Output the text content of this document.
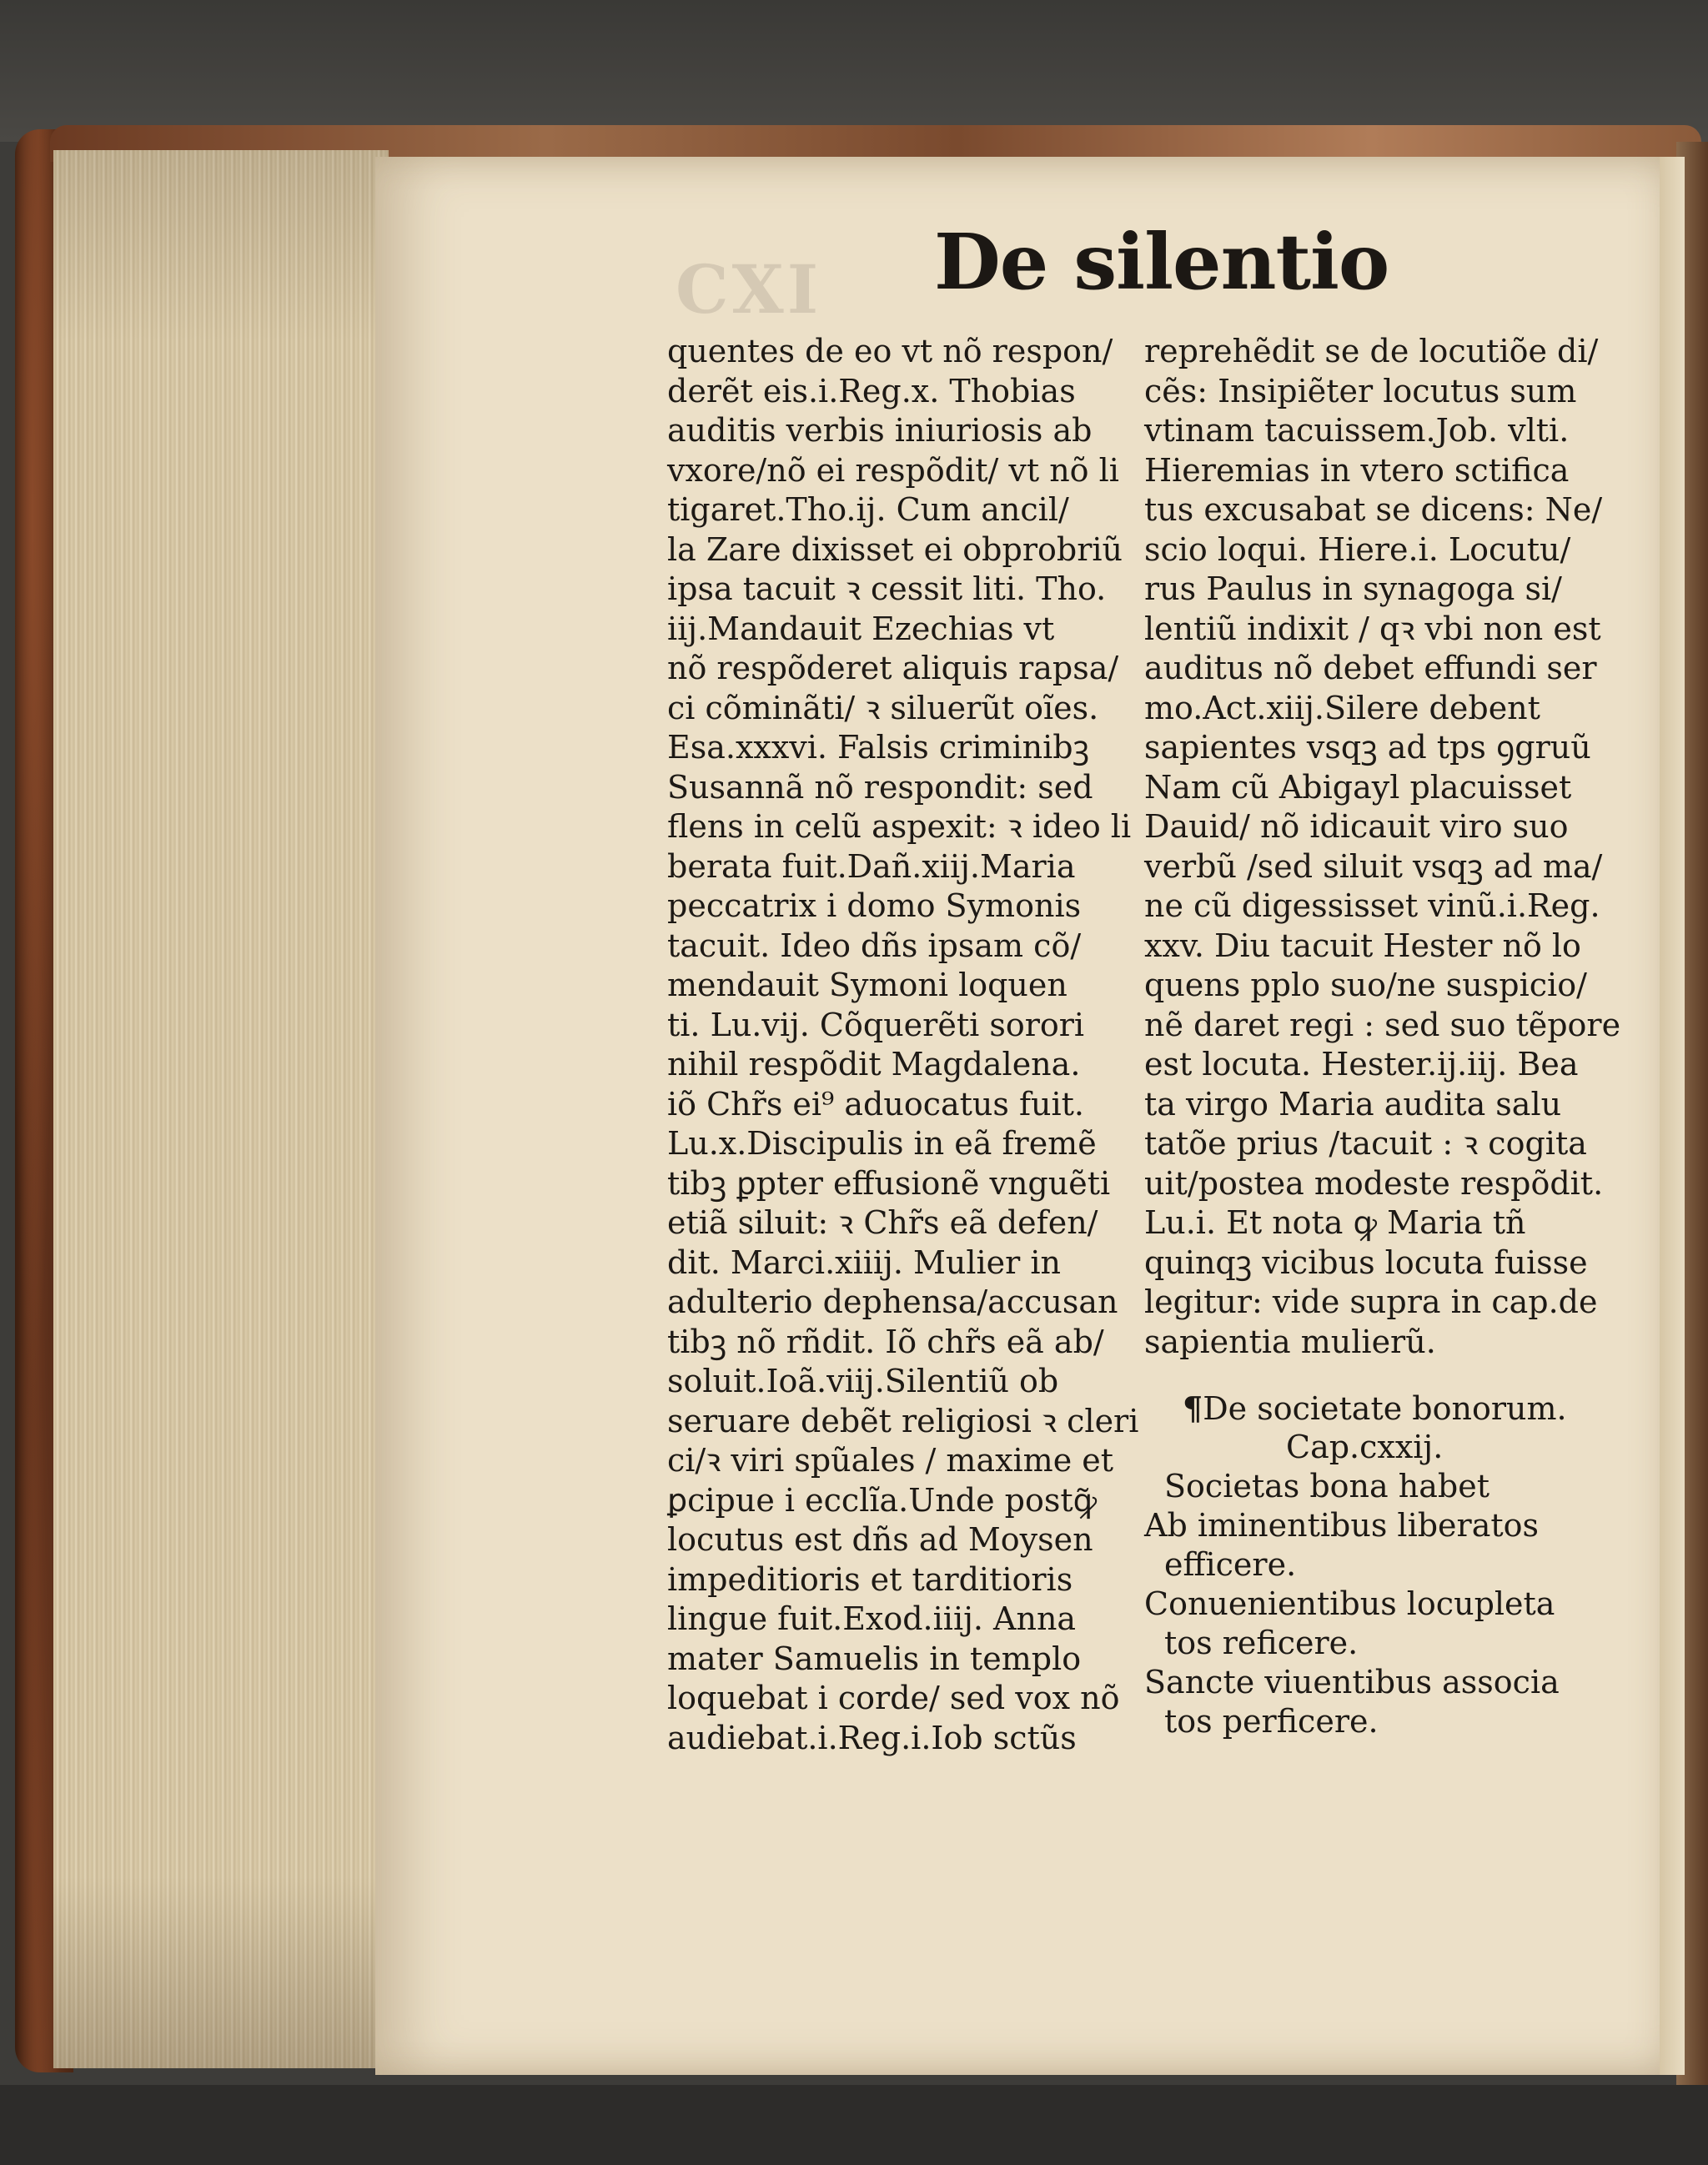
CXI De silentio
quentes de eo vt nõ respon/
derẽt eis.i.Reg.x. Thobias
auditis verbis iniuriosis ab
vxore/nõ ei respõdit/ vt nõ li
tigaret.Tho.ij. Cum ancil/
la Zare dixisset ei obprobriũ
ipsa tacuit ꝛ cessit liti. Tho.
iij.Mandauit Ezechias vt
nõ respõderet aliquis rapsa/
ci cõminãti/ ꝛ siluerũt oĩes.
Esa.xxxvi. Falsis criminibꝫ
Susannã nõ respondit: sed
flens in celũ aspexit: ꝛ ideo li
berata fuit.Dañ.xiij.Maria
peccatrix i domo Symonis
tacuit. Ideo dñs ipsam cõ/
mendauit Symoni loquen
ti. Lu.vij. Cõquerẽti sorori
nihil respõdit Magdalena.
iõ Chr̃s ei⁹ aduocatus fuit.
Lu.x.Discipulis in eã fremẽ
tibꝫ ꝑpter effusionẽ vnguẽti
etiã siluit: ꝛ Chr̃s eã defen/
dit. Marci.xiiij. Mulier in
adulterio dephensa/accusan
tibꝫ nõ rñdit. Iõ chr̃s eã ab/
soluit.Ioã.viij.Silentiũ ob
seruare debẽt religiosi ꝛ cleri
ci/ꝛ viri spũales / maxime et
ꝑcipue i ecclĩa.Unde postꝙ̃
locutus est dñs ad Moysen
impeditioris et tarditioris
lingue fuit.Exod.iiij. Anna
mater Samuelis in templo
loquebat i corde/ sed vox nõ
audiebat.i.Reg.i.Iob sctũs
reprehẽdit se de locutiõe di/
cẽs: Insipiẽter locutus sum
vtinam tacuissem.Job. vlti.
Hieremias in vtero sctifica
tus excusabat se dicens: Ne/
scio loqui. Hiere.i. Locutu/
rus Paulus in synagoga si/
lentiũ indixit / qꝛ vbi non est
auditus nõ debet effundi ser
mo.Act.xiij.Silere debent
sapientes vsqꝫ ad tps ꝯgruũ
Nam cũ Abigayl placuisset
Dauid/ nõ idicauit viro suo
verbũ /sed siluit vsqꝫ ad ma/
ne cũ digessisset vinũ.i.Reg.
xxv. Diu tacuit Hester nõ lo
quens pplo suo/ne suspicio/
nẽ daret regi : sed suo tẽpore
est locuta. Hester.ij.iij. Bea
ta virgo Maria audita salu
tatõe prius /tacuit : ꝛ cogita
uit/postea modeste respõdit.
Lu.i. Et nota ꝙ Maria tñ
quinqꝫ vicibus locuta fuisse
legitur: vide supra in cap.de
sapientia mulierũ.
¶De societate bonorum.
Cap.cxxij.
Societas bona habet
Ab iminentibus liberatos
efficere.
Conuenientibus locupleta
tos reficere.
Sancte viuentibus associa
tos perficere.
